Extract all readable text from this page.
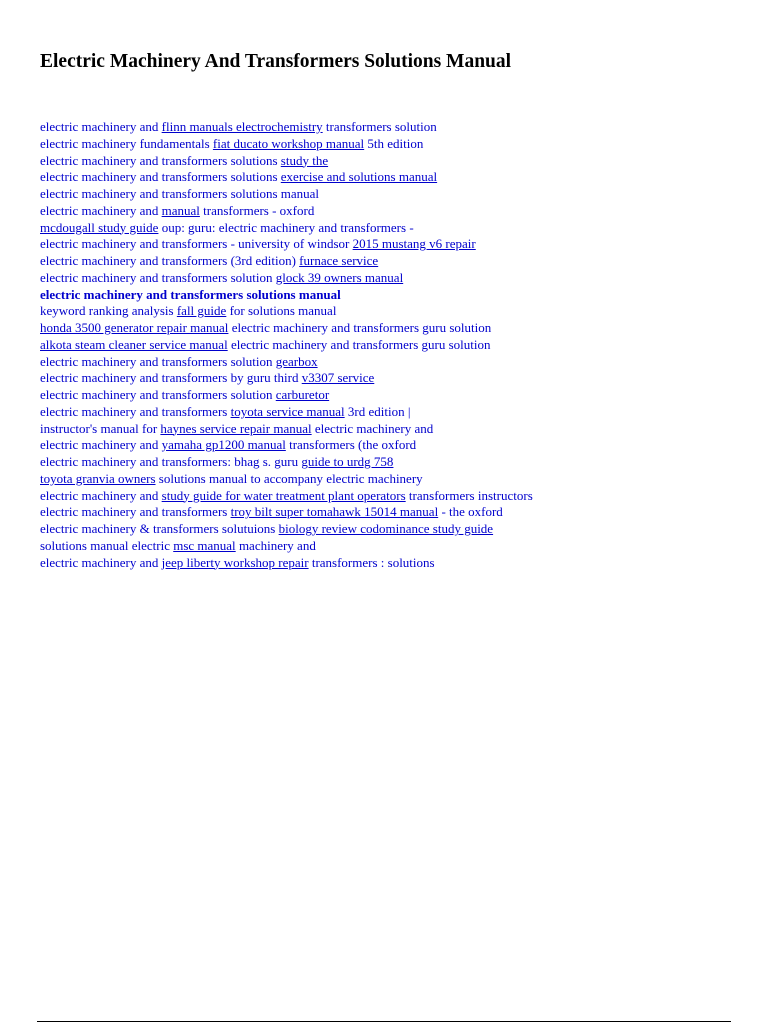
Electric Machinery And Transformers Solutions Manual
electric machinery and flinn manuals electrochemistry transformers solution
electric machinery fundamentals fiat ducato workshop manual 5th edition
electric machinery and transformers solutions study the
electric machinery and transformers solutions exercise and solutions manual
electric machinery and transformers solutions manual
electric machinery and manual transformers - oxford
mcdougall study guide oup: guru: electric machinery and transformers -
electric machinery and transformers - university of windsor 2015 mustang v6 repair
electric machinery and transformers (3rd edition) furnace service
electric machinery and transformers solution glock 39 owners manual
electric machinery and transformers solutions manual
keyword ranking analysis fall guide for solutions manual
honda 3500 generator repair manual electric machinery and transformers guru solution
alkota steam cleaner service manual electric machinery and transformers guru solution
electric machinery and transformers solution gearbox
electric machinery and transformers by guru third v3307 service
electric machinery and transformers solution carburetor
electric machinery and transformers toyota service manual 3rd edition |
instructor's manual for haynes service repair manual electric machinery and
electric machinery and yamaha gp1200 manual transformers (the oxford
electric machinery and transformers: bhag s. guru guide to urdg 758
toyota granvia owners solutions manual to accompany electric machinery
electric machinery and study guide for water treatment plant operators transformers instructors
electric machinery and transformers troy bilt super tomahawk 15014 manual - the oxford
electric machinery & transformers solutuions biology review codominance study guide
solutions manual electric msc manual machinery and
electric machinery and jeep liberty workshop repair transformers : solutions
